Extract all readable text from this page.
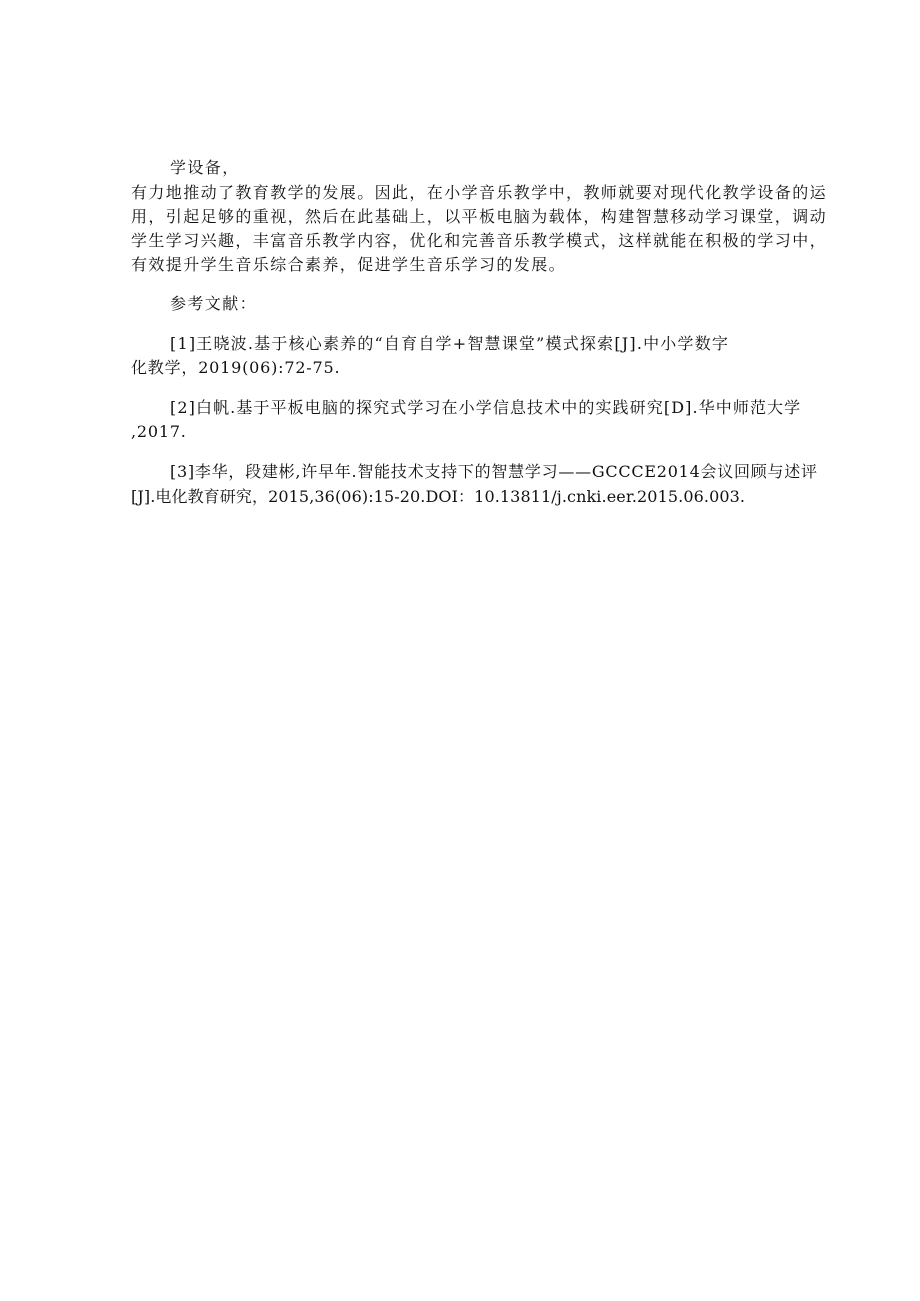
学设备，
有力地推动了教育教学的发展。因此，在小学音乐教学中，教师就要对现代化教学设备的运
用，引起足够的重视，然后在此基础上，以平板电脑为载体，构建智慧移动学习课堂，调动
学生学习兴趣，丰富音乐教学内容，优化和完善音乐教学模式，这样就能在积极的学习中，
有效提升学生音乐综合素养，促进学生音乐学习的发展。
参考文献：
[1]王晓波.基于核心素养的“自育自学+智慧课堂”模式探索[J].中小学数字
化教学，2019(06):72-75.
[2]白帆.基于平板电脑的探究式学习在小学信息技术中的实践研究[D].华中师范大学
,2017.
[3]李华，段建彬,许早年.智能技术支持下的智慧学习——GCCCE2014会议回顾与述评
[J].电化教育研究，2015,36(06):15-20.DOI：10.13811/j.cnki.eer.2015.06.003.
